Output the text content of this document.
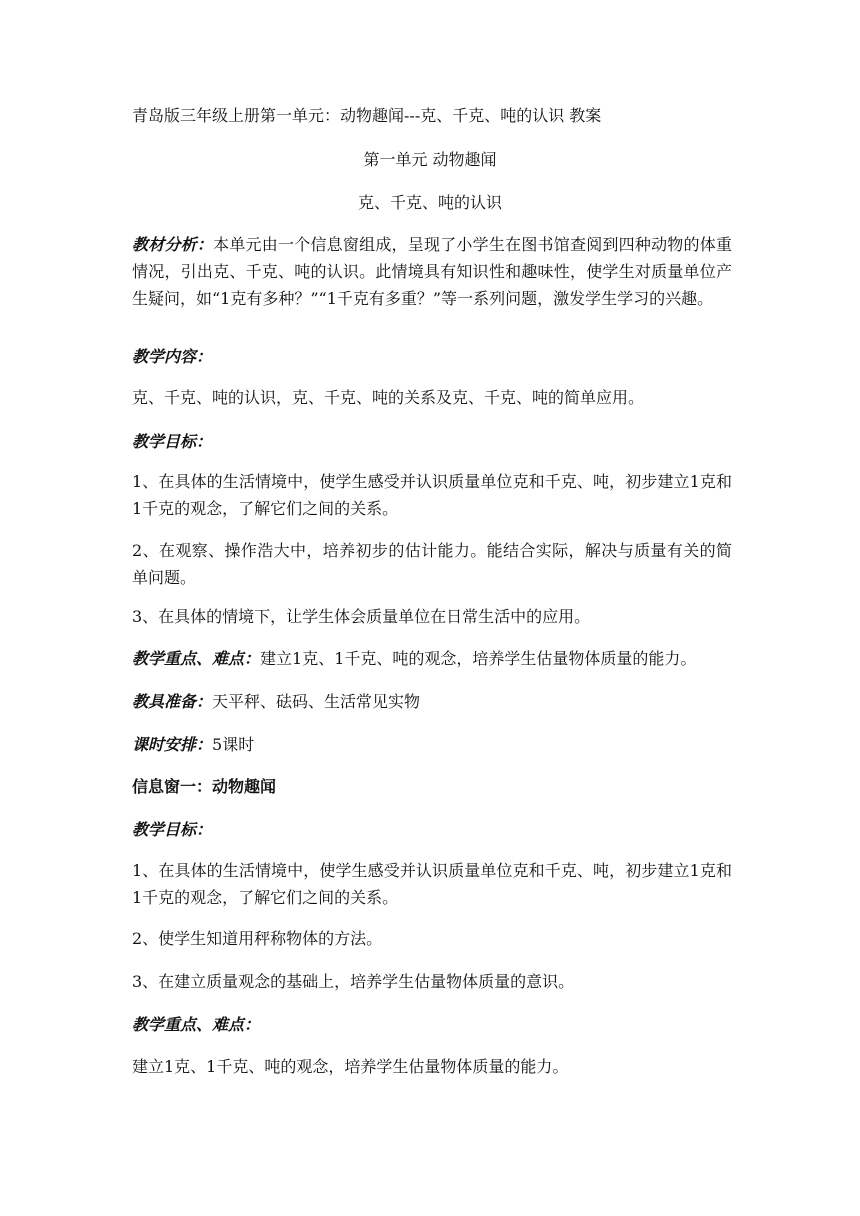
青岛版三年级上册第一单元：动物趣闻---克、千克、吨的认识 教案
第一单元 动物趣闻
克、千克、吨的认识
教材分析：本单元由一个信息窗组成，呈现了小学生在图书馆查阅到四种动物的体重情况，引出克、千克、吨的认识。此情境具有知识性和趣味性，使学生对质量单位产生疑问，如“1克有多种？”“1千克有多重？”等一系列问题，激发学生学习的兴趣。
教学内容：
克、千克、吨的认识，克、千克、吨的关系及克、千克、吨的简单应用。
教学目标：
1、在具体的生活情境中，使学生感受并认识质量单位克和千克、吨，初步建立1克和1千克的观念，了解它们之间的关系。
2、在观察、操作浩大中，培养初步的估计能力。能结合实际，解决与质量有关的简单问题。
3、在具体的情境下，让学生体会质量单位在日常生活中的应用。
教学重点、难点：建立1克、1千克、吨的观念，培养学生估量物体质量的能力。
教具准备：天平秤、砝码、生活常见实物
课时安排：5课时
信息窗一：动物趣闻
教学目标：
1、在具体的生活情境中，使学生感受并认识质量单位克和千克、吨，初步建立1克和1千克的观念，了解它们之间的关系。
2、使学生知道用秤称物体的方法。
3、在建立质量观念的基础上，培养学生估量物体质量的意识。
教学重点、难点：
建立1克、1千克、吨的观念，培养学生估量物体质量的能力。
